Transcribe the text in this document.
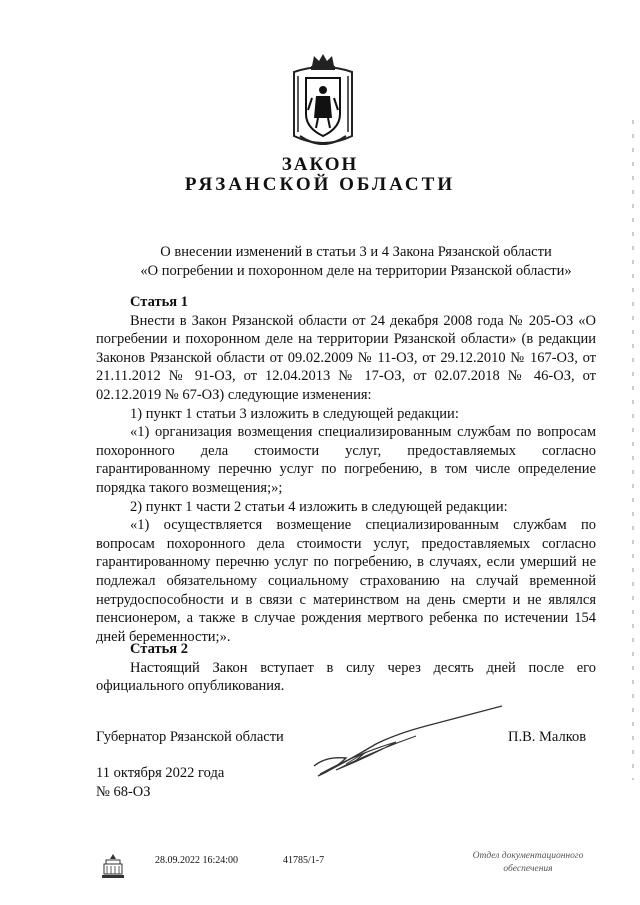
ЗАКОН
РЯЗАНСКОЙ ОБЛАСТИ
О внесении изменений в статьи 3 и 4 Закона Рязанской области
«О погребении и похоронном деле на территории Рязанской области»

Статья 1

Внести в Закон Рязанской области от 24 декабря 2008 года № 205-ОЗ «О погребении и похоронном деле на территории Рязанской области» (в редакции Законов Рязанской области от 09.02.2009 № 11-ОЗ, от 29.12.2010 № 167-ОЗ, от 21.11.2012 № 91-ОЗ, от 12.04.2013 № 17-ОЗ, от 02.07.2018 № 46-ОЗ, от 02.12.2019 № 67-ОЗ) следующие изменения:

1) пункт 1 статьи 3 изложить в следующей редакции:

«1) организация возмещения специализированным службам по вопросам похоронного дела стоимости услуг, предоставляемых согласно гарантированному перечню услуг по погребению, в том числе определение порядка такого возмещения;»;

2) пункт 1 части 2 статьи 4 изложить в следующей редакции:

«1) осуществляется возмещение специализированным службам по вопросам похоронного дела стоимости услуг, предоставляемых согласно гарантированному перечню услуг по погребению, в случаях, если умерший не подлежал обязательному социальному страхованию на случай временной нетрудоспособности и в связи с материнством на день смерти и не являлся пенсионером, а также в случае рождения мертвого ребенка по истечении 154 дней беременности;».

Статья 2

Настоящий Закон вступает в силу через десять дней после его официального опубликования.

Губернатор Рязанской области	П.В. Малков
11 октября 2022 года
№ 68-ОЗ
28.09.2022 16:24:00	41785/1-7	Отдел документационного
обеспечения
